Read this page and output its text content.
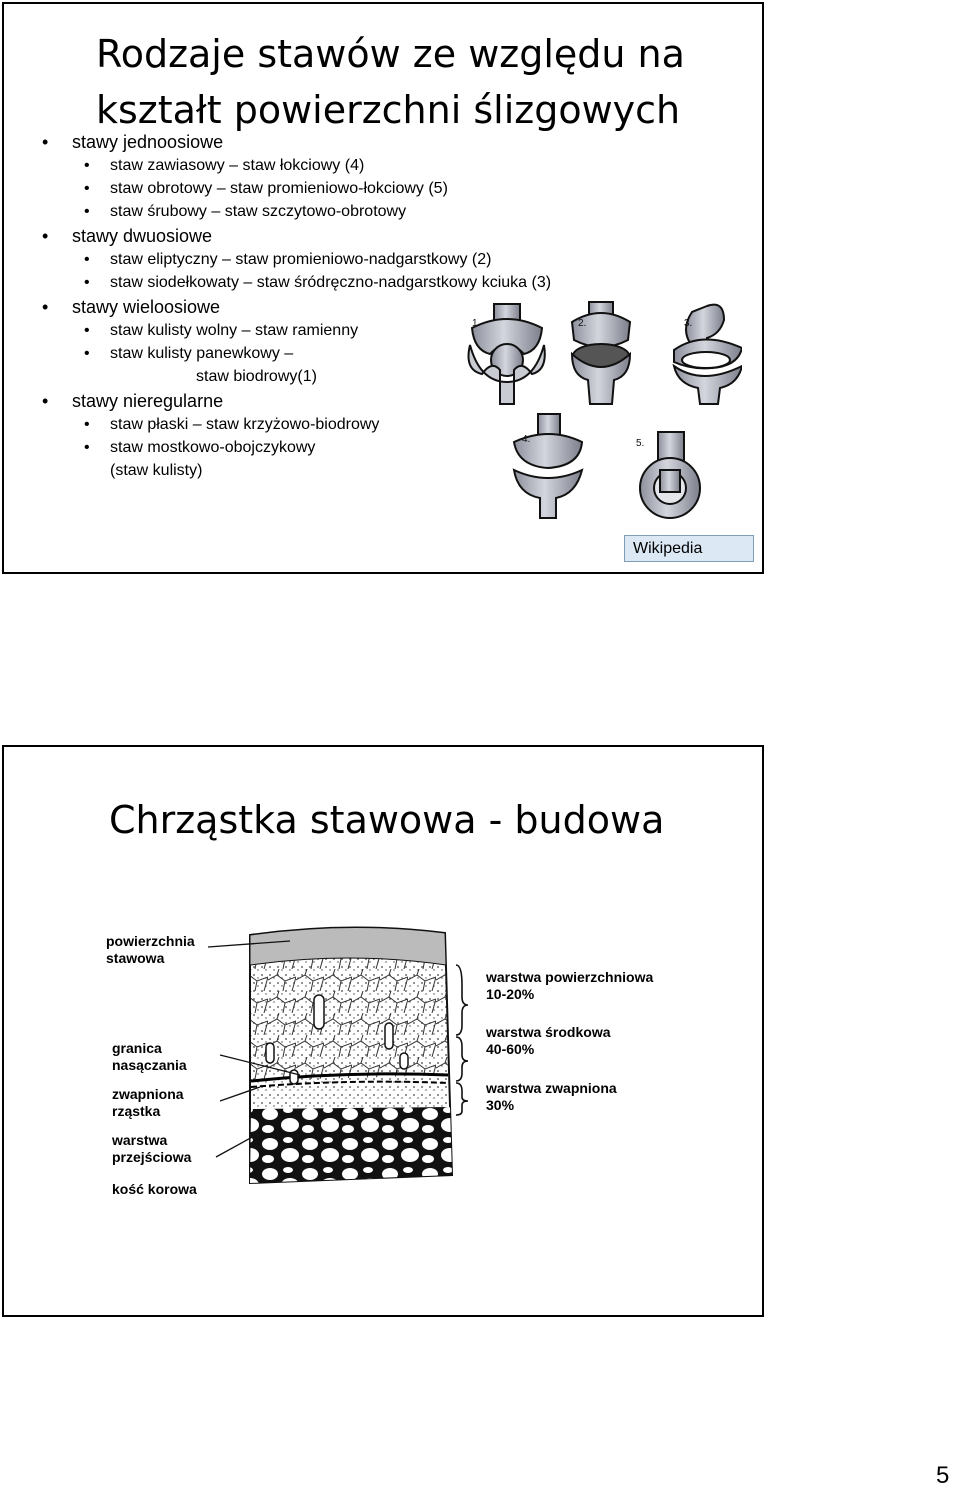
Rodzaje stawów ze względu na kształt powierzchni ślizgowych
• stawy jednoosiowe
• staw zawiasowy – staw łokciowy (4)
• staw obrotowy – staw promieniowo-łokciowy (5)
• staw śrubowy – staw szczytowo-obrotowy
• stawy dwuosiowe
• staw eliptyczny – staw promieniowo-nadgarstkowy (2)
• staw siodełkowaty – staw śródręczno-nadgarstkowy kciuka (3)
• stawy wieloosiowe
• staw kulisty wolny – staw ramienny
• staw kulisty panewkowy –
staw biodrowy(1)
• stawy nieregularne
• staw płaski – staw krzyżowo-biodrowy
• staw mostkowo-obojczykowy
(staw kulisty)
1.	2.	3.
4.	5.
Wikipedia
Chrząstka stawowa - budowa
powierzchnia
stawowa
granica
nasączania
zwapniona
rząstka
warstwa
przejściowa
kość korowa
warstwa powierzchniowa
10-20%
warstwa środkowa
40-60%
warstwa zwapniona
30%
5
